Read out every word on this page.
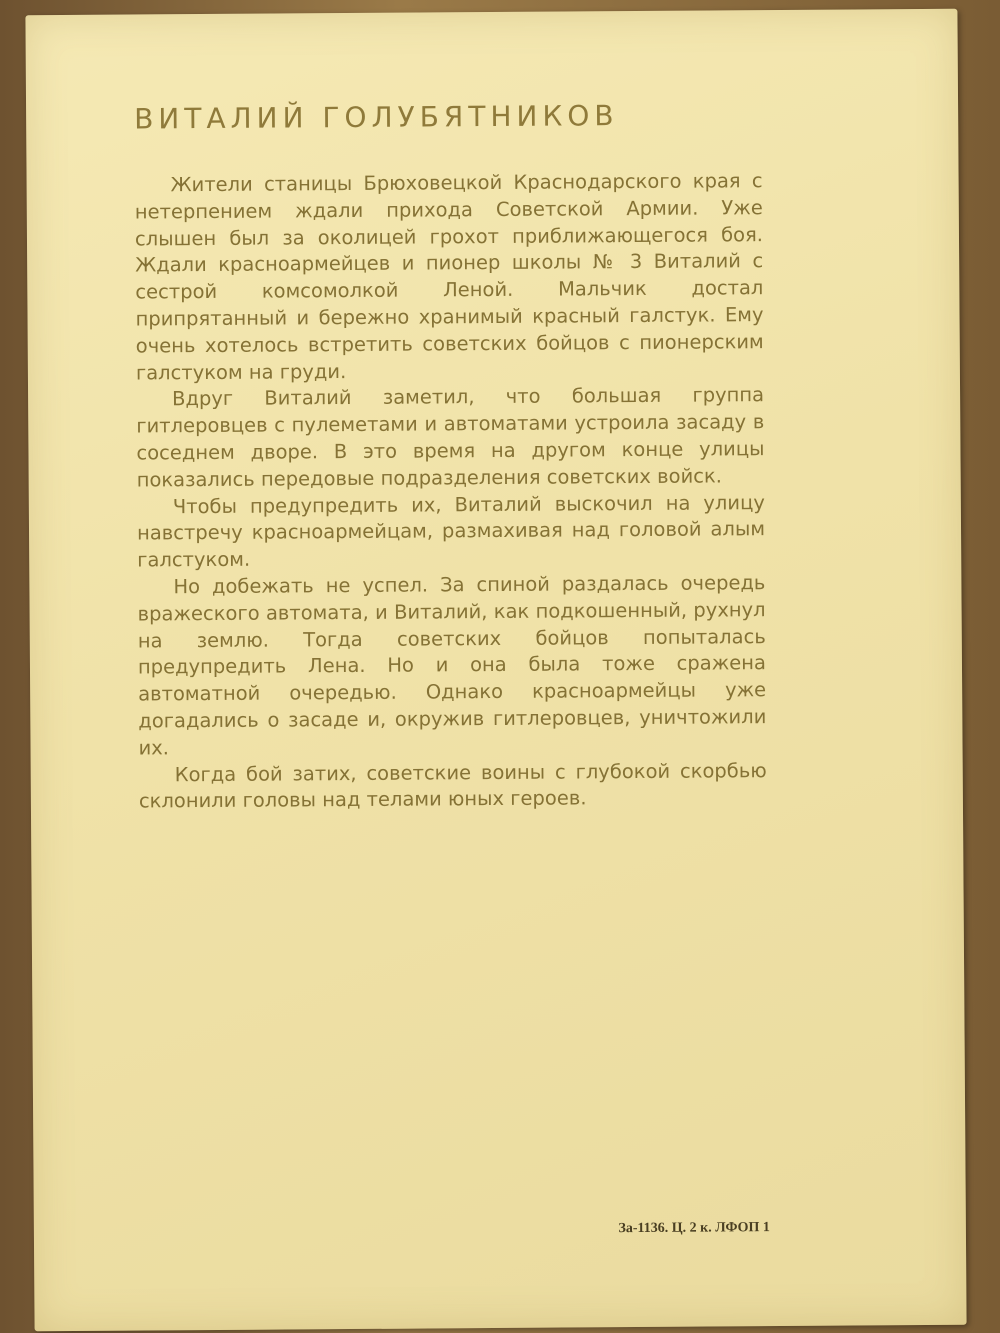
ВИТАЛИЙ ГОЛУБЯТНИКОВ

Жители станицы Брюховецкой Краснодарского края с нетерпением ждали прихода Советской Армии. Уже слышен был за околицей грохот приближающегося боя. Ждали красноармейцев и пионер школы № 3 Виталий с сестрой комсомолкой Леной. Мальчик достал припрятанный и бережно хранимый красный галстук. Ему очень хотелось встретить советских бойцов с пионерским галстуком на груди.

Вдруг Виталий заметил, что большая группа гитлеровцев с пулеметами и автоматами устроила засаду в соседнем дворе. В это время на другом конце улицы показались передовые подразделения советских войск.

Чтобы предупредить их, Виталий выскочил на улицу навстречу красноармейцам, размахивая над головой алым галстуком.

Но добежать не успел. За спиной раздалась очередь вражеского автомата, и Виталий, как подкошенный, рухнул на землю. Тогда советских бойцов попыталась предупредить Лена. Но и она была тоже сражена автоматной очередью. Однако красноармейцы уже догадались о засаде и, окружив гитлеровцев, уничтожили их.

Когда бой затих, советские воины с глубокой скорбью склонили головы над телами юных героев.

За-1136. Ц. 2 к. ЛФОП 1
